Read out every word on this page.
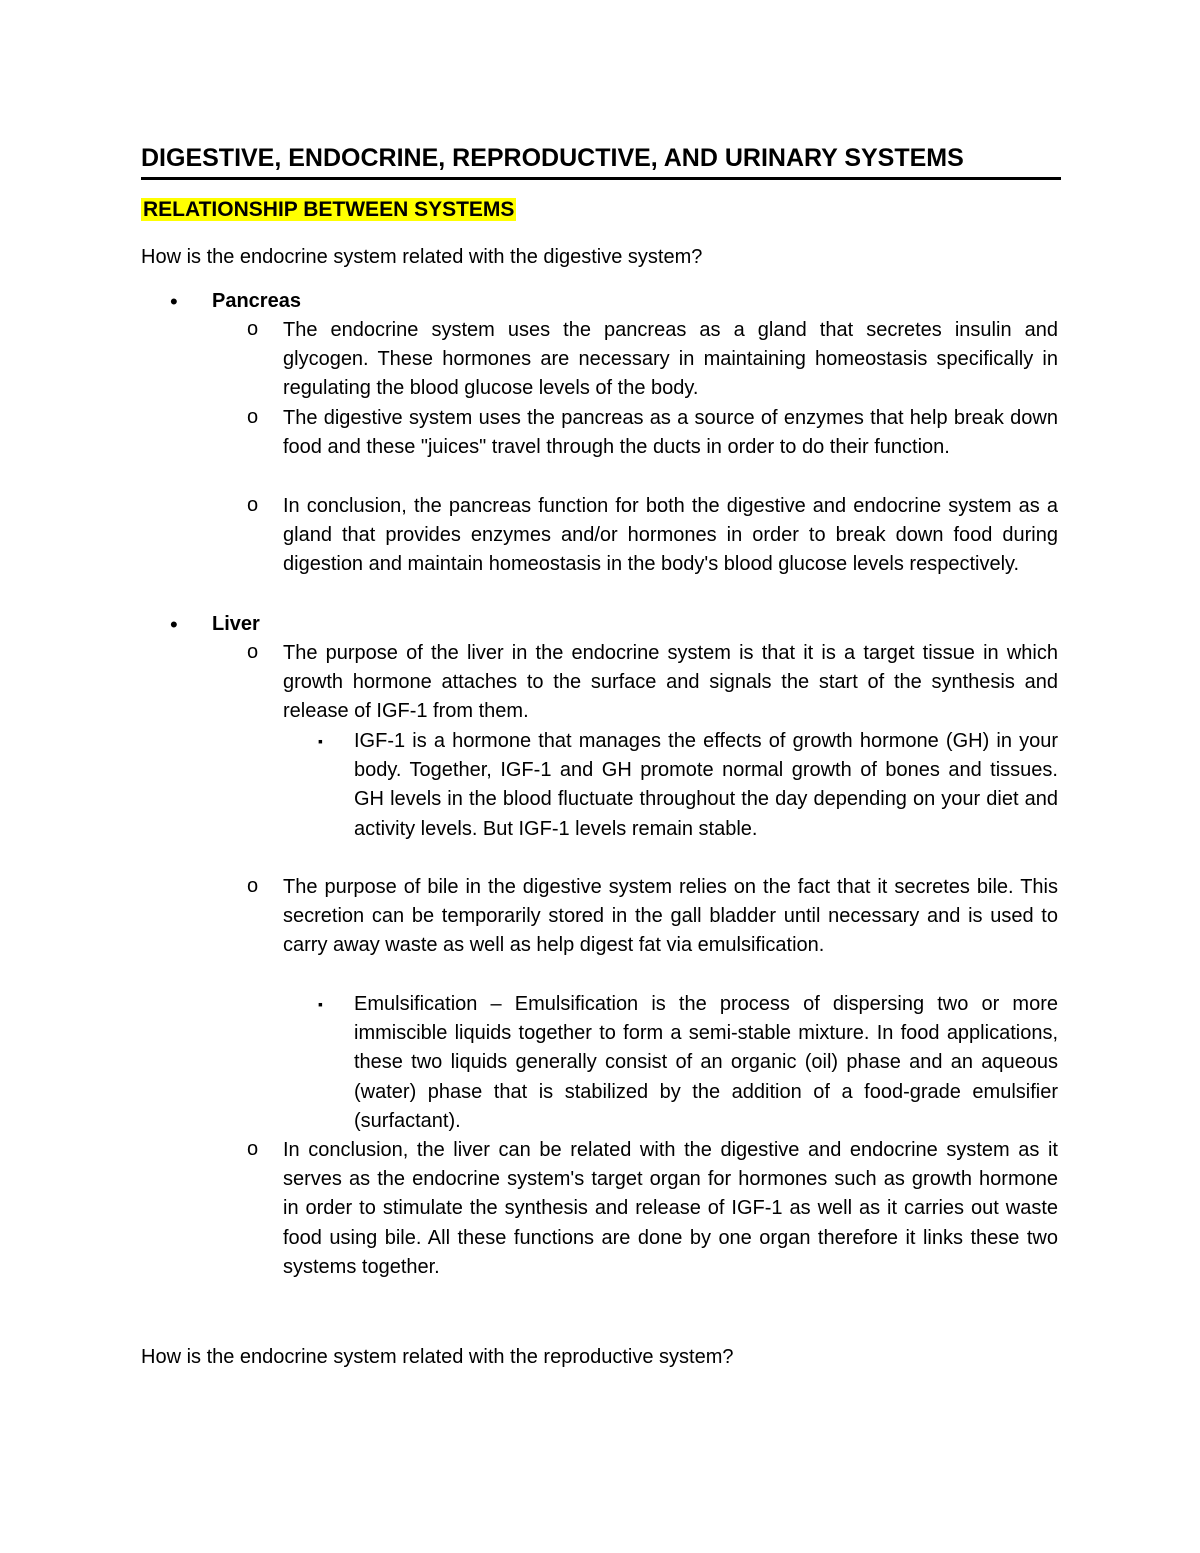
DIGESTIVE, ENDOCRINE, REPRODUCTIVE, AND URINARY SYSTEMS
RELATIONSHIP BETWEEN SYSTEMS
How is the endocrine system related with the digestive system?
• Pancreas
o The endocrine system uses the pancreas as a gland that secretes insulin and glycogen. These hormones are necessary in maintaining homeostasis specifically in regulating the blood glucose levels of the body.
o The digestive system uses the pancreas as a source of enzymes that help break down food and these "juices" travel through the ducts in order to do their function.
o In conclusion, the pancreas function for both the digestive and endocrine system as a gland that provides enzymes and/or hormones in order to break down food during digestion and maintain homeostasis in the body's blood glucose levels respectively.
• Liver
o The purpose of the liver in the endocrine system is that it is a target tissue in which growth hormone attaches to the surface and signals the start of the synthesis and release of IGF-1 from them.
▪ IGF-1 is a hormone that manages the effects of growth hormone (GH) in your body. Together, IGF-1 and GH promote normal growth of bones and tissues. GH levels in the blood fluctuate throughout the day depending on your diet and activity levels. But IGF-1 levels remain stable.
o The purpose of bile in the digestive system relies on the fact that it secretes bile. This secretion can be temporarily stored in the gall bladder until necessary and is used to carry away waste as well as help digest fat via emulsification.
▪ Emulsification – Emulsification is the process of dispersing two or more immiscible liquids together to form a semi-stable mixture. In food applications, these two liquids generally consist of an organic (oil) phase and an aqueous (water) phase that is stabilized by the addition of a food-grade emulsifier (surfactant).
o In conclusion, the liver can be related with the digestive and endocrine system as it serves as the endocrine system's target organ for hormones such as growth hormone in order to stimulate the synthesis and release of IGF-1 as well as it carries out waste food using bile. All these functions are done by one organ therefore it links these two systems together.
How is the endocrine system related with the reproductive system?
